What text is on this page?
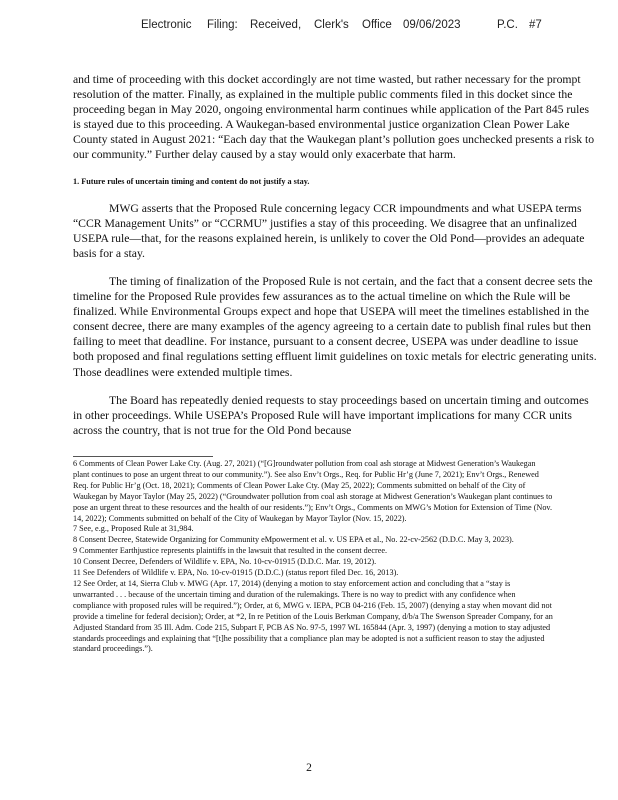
Electronic Filing: Received, Clerk's Office 09/06/2023	P.C. #7

and time of proceeding with this docket accordingly are not time wasted, but rather necessary for the prompt resolution of the matter. Finally, as explained in the multiple public comments filed in this docket since the proceeding began in May 2020, ongoing environmental harm continues while application of the Part 845 rules is stayed due to this proceeding. A Waukegan-based environmental justice organization Clean Power Lake County stated in August 2021: “Each day that the Waukegan plant’s pollution goes unchecked presents a risk to our community.” Further delay caused by a stay would only exacerbate that harm.

1. Future rules of uncertain timing and content do not justify a stay.

MWG asserts that the Proposed Rule concerning legacy CCR impoundments and what USEPA terms “CCR Management Units” or “CCRMU” justifies a stay of this proceeding. We disagree that an unfinalized USEPA rule—that, for the reasons explained herein, is unlikely to cover the Old Pond—provides an adequate basis for a stay.

The timing of finalization of the Proposed Rule is not certain, and the fact that a consent decree sets the timeline for the Proposed Rule provides few assurances as to the actual timeline on which the Rule will be finalized. While Environmental Groups expect and hope that USEPA will meet the timelines established in the consent decree, there are many examples of the agency agreeing to a certain date to publish final rules but then failing to meet that deadline. For instance, pursuant to a consent decree, USEPA was under deadline to issue both proposed and final regulations setting effluent limit guidelines on toxic metals for electric generating units. Those deadlines were extended multiple times.

The Board has repeatedly denied requests to stay proceedings based on uncertain timing and outcomes in other proceedings. While USEPA’s Proposed Rule will have important implications for many CCR units across the country, that is not true for the Old Pond because

6 Comments of Clean Power Lake Cty. (Aug. 27, 2021) (“[G]roundwater pollution from coal ash storage at Midwest Generation’s Waukegan plant continues to pose an urgent threat to our community.”). See also Env’t Orgs., Req. for Public Hr’g (June 7, 2021); Env’t Orgs., Renewed Req. for Public Hr’g (Oct. 18, 2021); Comments of Clean Power Lake Cty. (May 25, 2022); Comments submitted on behalf of the City of Waukegan by Mayor Taylor (May 25, 2022) (“Groundwater pollution from coal ash storage at Midwest Generation’s Waukegan plant continues to pose an urgent threat to these resources and the health of our residents.”); Env’t Orgs., Comments on MWG’s Motion for Extension of Time (Nov. 14, 2022); Comments submitted on behalf of the City of Waukegan by Mayor Taylor (Nov. 15, 2022).

7 See, e.g., Proposed Rule at 31,984.

8 Consent Decree, Statewide Organizing for Community eMpowerment et al. v. US EPA et al., No. 22-cv-2562 (D.D.C. May 3, 2023).

9 Commenter Earthjustice represents plaintiffs in the lawsuit that resulted in the consent decree.

10 Consent Decree, Defenders of Wildlife v. EPA, No. 10-cv-01915 (D.D.C. Mar. 19, 2012).

11 See Defenders of Wildlife v. EPA, No. 10-cv-01915 (D.D.C.) (status report filed Dec. 16, 2013).

12 See Order, at 14, Sierra Club v. MWG (Apr. 17, 2014) (denying a motion to stay enforcement action and concluding that a “stay is unwarranted . . . because of the uncertain timing and duration of the rulemakings. There is no way to predict with any confidence when compliance with proposed rules will be required.”); Order, at 6, MWG v. IEPA, PCB 04-216 (Feb. 15, 2007) (denying a stay when movant did not provide a timeline for federal decision); Order, at *2, In re Petition of the Louis Berkman Company, d/b/a The Swenson Spreader Company, for an Adjusted Standard from 35 Ill. Adm. Code 215, Subpart F, PCB AS No. 97-5, 1997 WL 165844 (Apr. 3, 1997) (denying a motion to stay adjusted standards proceedings and explaining that “[t]he possibility that a compliance plan may be adopted is not a sufficient reason to stay the adjusted standard proceedings.”).

2
